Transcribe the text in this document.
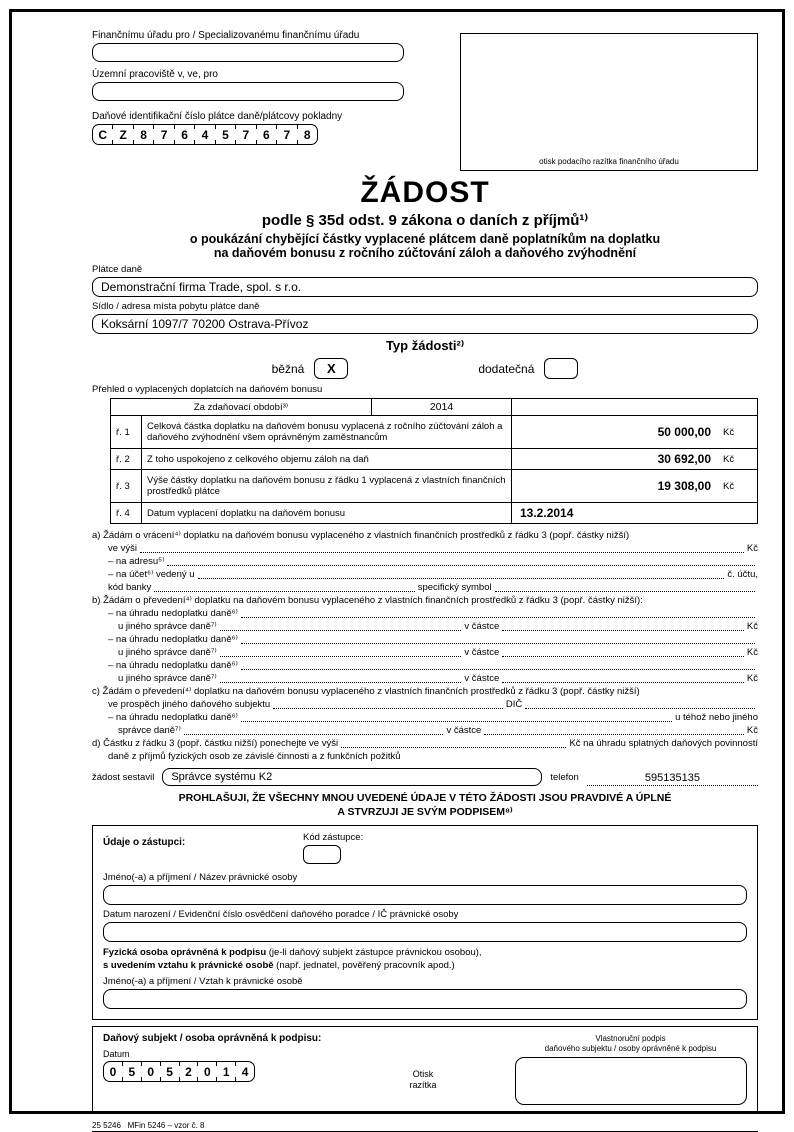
Finančnímu úřadu pro / Specializovanému finančnímu úřadu
Územní pracoviště v, ve, pro
Daňové identifikační číslo plátce daně/plátcovy pokladny
C	Z	8	7	6	4	5	7	6	7	8
otisk podacího razítka finančního úřadu
ŽÁDOST
podle § 35d odst. 9 zákona o daních z příjmů¹⁾
o poukázání chybějící částky vyplacené plátcem daně poplatníkům na doplatku
na daňovém bonusu z ročního zúčtování záloh a daňového zvýhodnění
Plátce daně
Demonstrační firma Trade, spol. s r.o.
Sídlo / adresa místa pobytu plátce daně
Koksární 1097/7 70200 Ostrava-Přívoz
Typ žádosti²⁾
běžná	X	dodatečná
Přehled o vyplacených doplatcích na daňovém bonusu
Za zdaňovací období³⁾	2014
ř. 1	Celková částka doplatku na daňovém bonusu vyplacená z ročního zúčtování záloh a daňového zvýhodnění všem oprávněným zaměstnancům	50 000,00	Kč
ř. 2	Z toho uspokojeno z celkového objemu záloh na daň	30 692,00	Kč
ř. 3	Výše částky doplatku na daňovém bonusu z řádku 1 vyplacená z vlastních finančních prostředků plátce	19 308,00	Kč
ř. 4	Datum vyplacení doplatku na daňovém bonusu	13.2.2014
a) Žádám o vrácení⁴⁾ doplatku na daňovém bonusu vyplaceného z vlastních finančních prostředků z řádku 3 (popř. částky nižší)
ve výši	Kč
– na adresu⁵⁾
– na účet⁶⁾ vedený u	č. účtu,
kód banky	specifický symbol
b) Žádám o převedení⁴⁾ doplatku na daňovém bonusu vyplaceného z vlastních finančních prostředků z řádku 3 (popř. částky nižší):
– na úhradu nedoplatku daně⁶⁾
u jiného správce daně⁷⁾	v částce	Kč
– na úhradu nedoplatku daně⁶⁾
u jiného správce daně⁷⁾	v částce	Kč
– na úhradu nedoplatku daně⁶⁾
u jiného správce daně⁷⁾	v částce	Kč
c) Žádám o převedení⁴⁾ doplatku na daňovém bonusu vyplaceného z vlastních finančních prostředků z řádku 3 (popř. částky nižší)
ve prospěch jiného daňového subjektu	DIČ
– na úhradu nedoplatku daně⁶⁾	u téhož nebo jiného
správce daně⁷⁾	v částce	Kč
d) Částku z řádku 3 (popř. částku nižší) ponechejte ve výši	Kč na úhradu splatných daňových povinností
daně z příjmů fyzických osob ze závislé činnosti a z funkčních požitků
žádost sestavil	Správce systému K2	telefon	595135135
PROHLAŠUJI, ŽE VŠECHNY MNOU UVEDENÉ ÚDAJE V TÉTO ŽÁDOSTI JSOU PRAVDIVÉ A ÚPLNÉ
A STVRZUJI JE SVÝM PODPISEM⁸⁾
Údaje o zástupci:	Kód zástupce:
Jméno(-a) a příjmení / Název právnické osoby
Datum narození / Evidenční číslo osvědčení daňového poradce / IČ právnické osoby
Fyzická osoba oprávněná k podpisu (je-li daňový subjekt zástupce právnickou osobou),
s uvedením vztahu k právnické osobě (např. jednatel, pověřený pracovník apod.)
Jméno(-a) a příjmení / Vztah k právnické osobě
Daňový subjekt / osoba oprávněná k podpisu:	Vlastnoruční podpis
daňového subjektu / osoby oprávněné k podpisu
Datum
0	5	0	5	2	0	1	4	Otisk
razítka
25 5246   MFin 5246 – vzor č. 8
